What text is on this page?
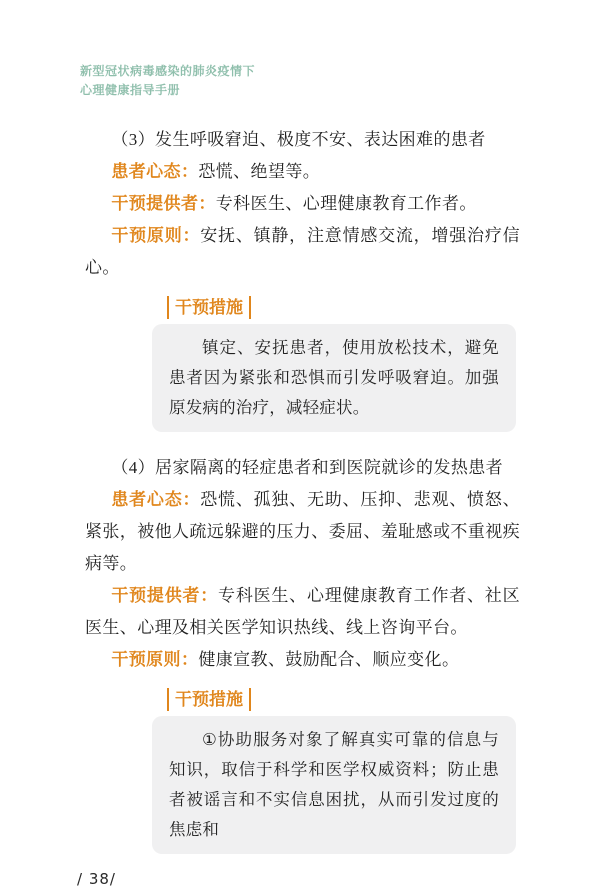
新型冠状病毒感染的肺炎疫情下
心理健康指导手册

（3）发生呼吸窘迫、极度不安、表达困难的患者

患者心态：恐慌、绝望等。

干预提供者：专科医生、心理健康教育工作者。

干预原则：安抚、镇静，注意情感交流，增强治疗信心。

干预措施
镇定、安抚患者，使用放松技术，避免患者因为紧张和恐惧而引发呼吸窘迫。加强原发病的治疗，减轻症状。

（4）居家隔离的轻症患者和到医院就诊的发热患者

患者心态：恐慌、孤独、无助、压抑、悲观、愤怒、紧张，被他人疏远躲避的压力、委屈、羞耻感或不重视疾病等。

干预提供者：专科医生、心理健康教育工作者、社区医生、心理及相关医学知识热线、线上咨询平台。

干预原则：健康宣教、鼓励配合、顺应变化。

干预措施
①协助服务对象了解真实可靠的信息与知识，取信于科学和医学权威资料；防止患者被谣言和不实信息困扰，从而引发过度的焦虑和
/ 38/
